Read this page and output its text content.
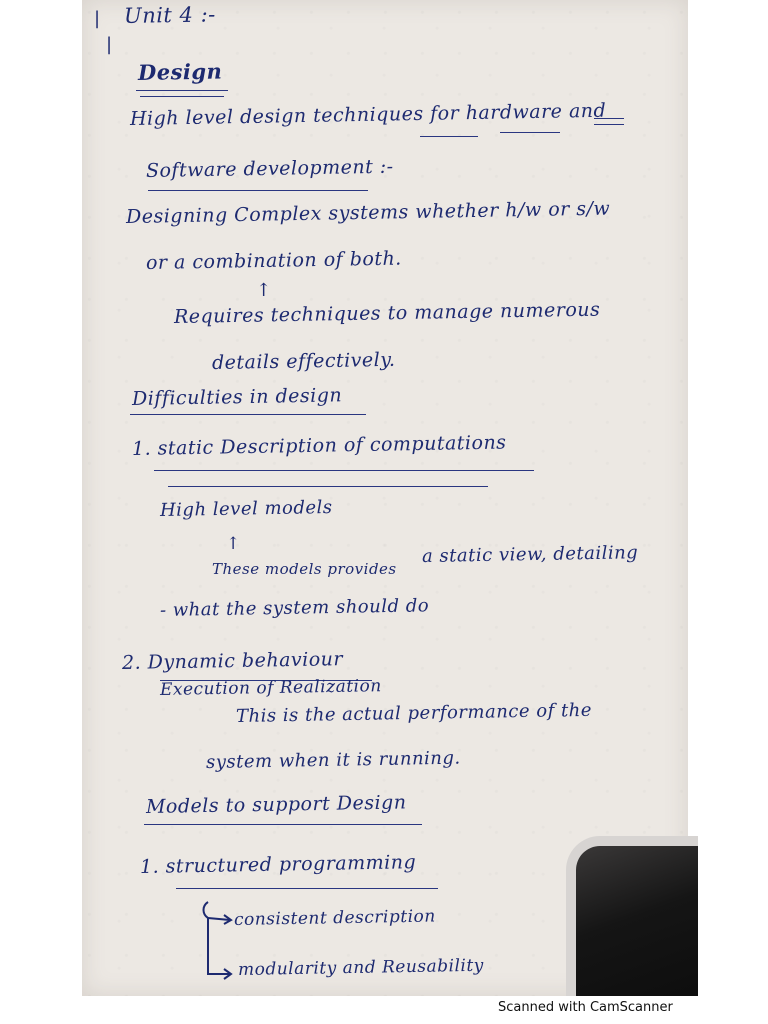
|
|
Unit 4 :-
Design
High level design techniques for hardware and
Software development :-
Designing Complex systems whether h/w or s/w
or a combination of both.
↑
Requires techniques to manage numerous
details effectively.
Difficulties in design
1. static Description of computations
High level models
↑
These models provides
a static view, detailing
- what the system should do
2. Dynamic behaviour
Execution of Realization
This is the actual performance of the
system when it is running.
Models to support Design
1. structured programming
consistent description
modularity and Reusability
Scanned with CamScanner
